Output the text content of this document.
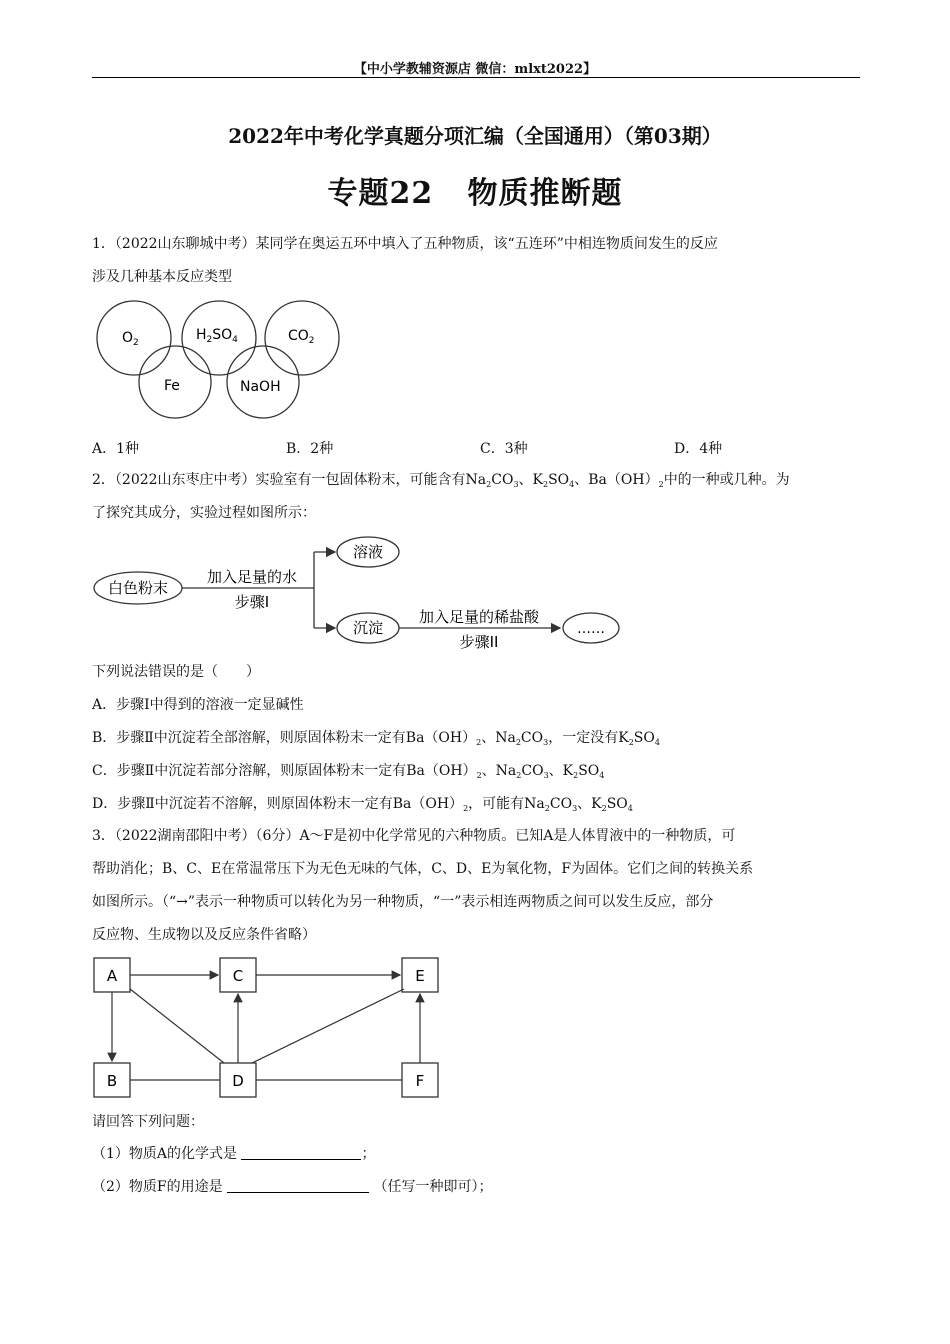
【中小学教辅资源店 微信：mlxt2022】
2022年中考化学真题分项汇编（全国通用）（第03期）
专题22   物质推断题
1．（2022山东聊城中考）某同学在奥运五环中填入了五种物质，该“五连环”中相连物质间发生的反应
涉及几种基本反应类型
$O_2$	$H_2SO_4$	$CO_2$
Fe	NaOH
A．1种	B．2种	C．3种	D．4种
2．（2022山东枣庄中考）实验室有一包固体粉末，可能含有$Na_2CO_3$、$K_2SO_4$、$Ba(OH)_2$中的一种或几种。为
了探究其成分，实验过程如图所示：
白色粉末
加入足量的水
步骤Ⅰ
溶液
沉淀
加入足量的稀盐酸
步骤II
……
下列说法错误的是（　　）
A．步骤Ⅰ中得到的溶液一定显碱性
B．步骤Ⅱ中沉淀若全部溶解，则原固体粉末一定有$Ba(OH)_2$、$Na_2CO_3$，一定没有$K_2SO_4$
C．步骤Ⅱ中沉淀若部分溶解，则原固体粉末一定有$Ba(OH)_2$、$Na_2CO_3$、$K_2SO_4$
D．步骤Ⅱ中沉淀若不溶解，则原固体粉末一定有$Ba(OH)_2$，可能有$Na_2CO_3$、$K_2SO_4$
3．（2022湖南邵阳中考）（6分）A～F是初中化学常见的六种物质。已知A是人体胃液中的一种物质，可
帮助消化；B、C、E在常温常压下为无色无味的气体，C、D、E为氧化物，F为固体。它们之间的转换关系
如图所示。（“→”表示一种物质可以转化为另一种物质，“一”表示相连两物质之间可以发生反应，部分
反应物、生成物以及反应条件省略）
A	C	E
B	D	F
请回答下列问题：
（1）物质A的化学式是	；
（2）物质F的用途是	（任写一种即可）；
